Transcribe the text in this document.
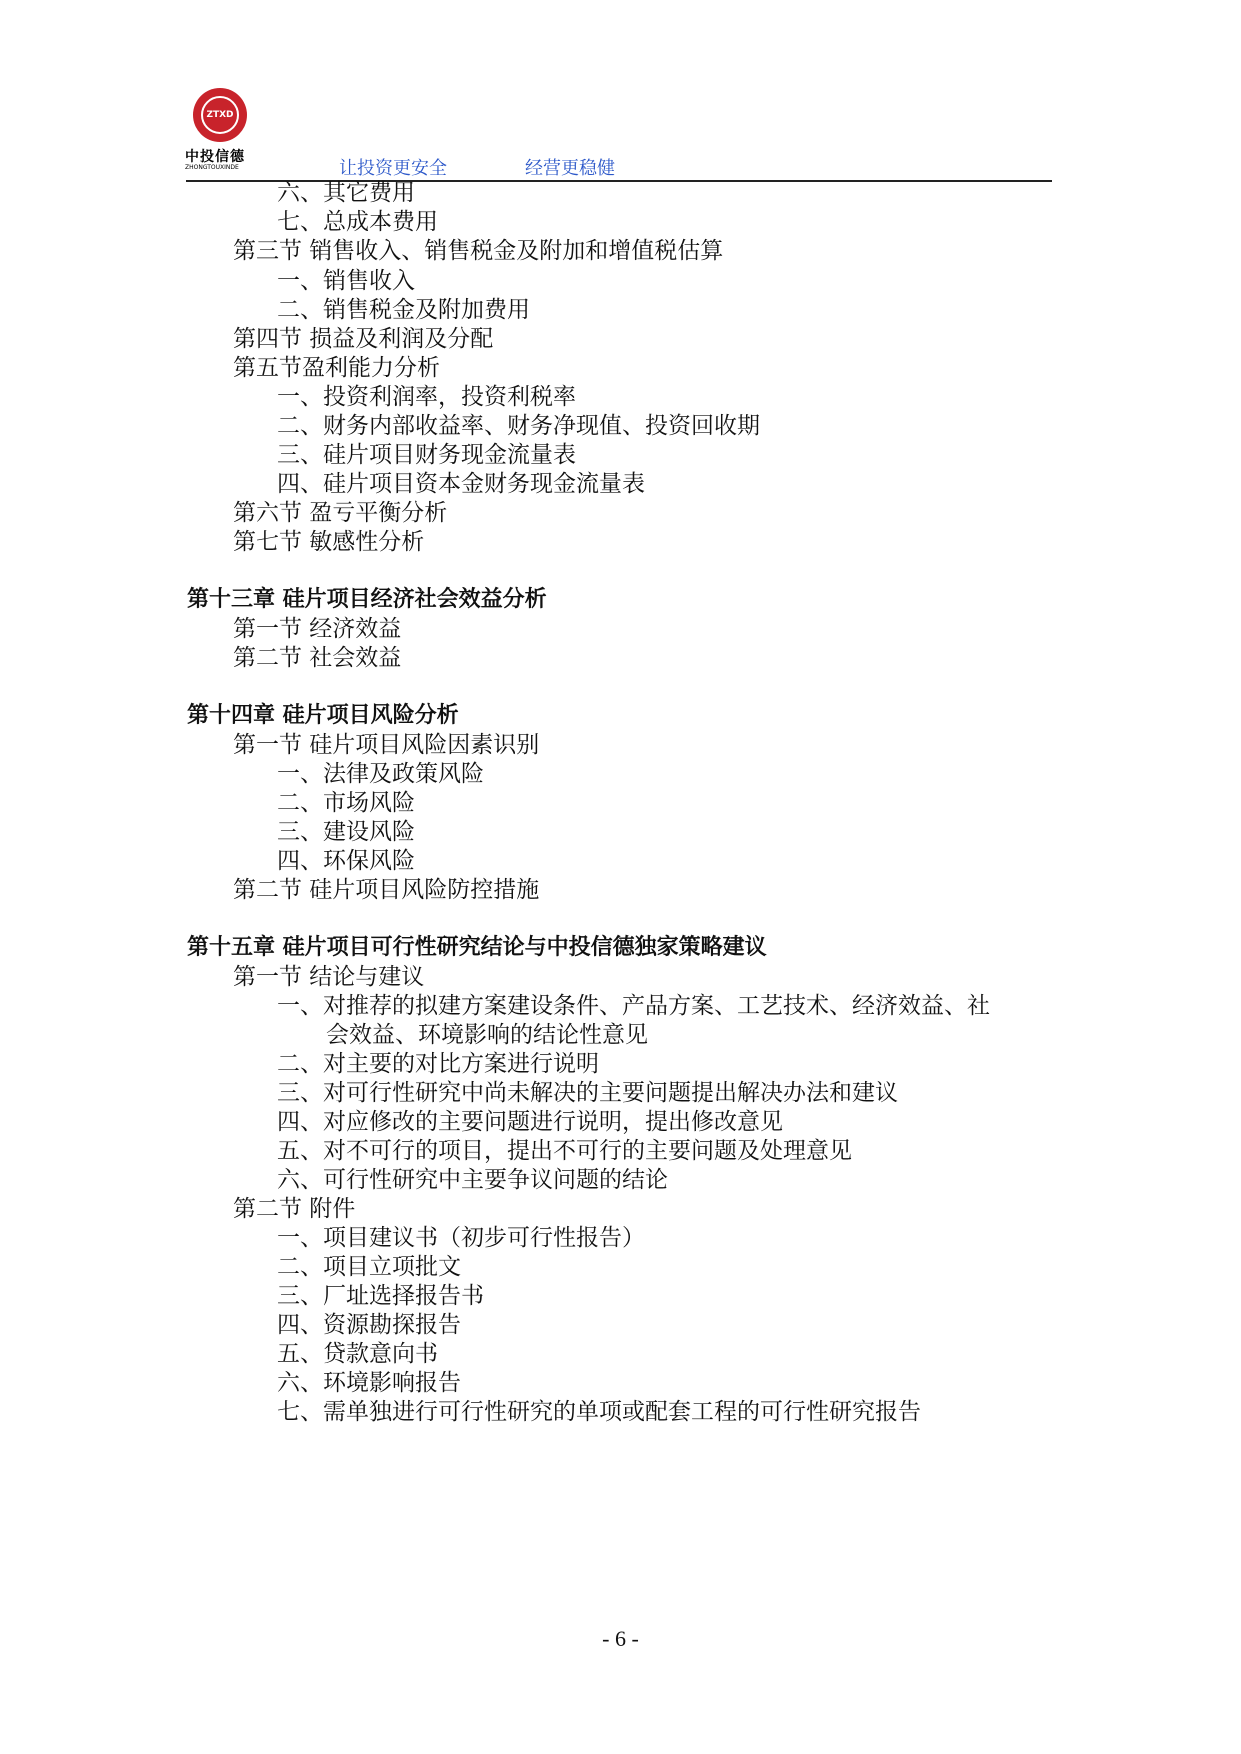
ZTXD
中投信德
ZHONGTOUXINDE	让投资更安全	经营更稳健
六、其它费用
七、总成本费用
第三节 销售收入、销售税金及附加和增值税估算
一、销售收入
二、销售税金及附加费用
第四节 损益及利润及分配
第五节盈利能力分析
一、投资利润率，投资利税率
二、财务内部收益率、财务净现值、投资回收期
三、硅片项目财务现金流量表
四、硅片项目资本金财务现金流量表
第六节 盈亏平衡分析
第七节 敏感性分析
第十三章 硅片项目经济社会效益分析
第一节 经济效益
第二节 社会效益
第十四章 硅片项目风险分析
第一节 硅片项目风险因素识别
一、法律及政策风险
二、市场风险
三、建设风险
四、环保风险
第二节 硅片项目风险防控措施
第十五章 硅片项目可行性研究结论与中投信德独家策略建议
第一节 结论与建议
一、对推荐的拟建方案建设条件、产品方案、工艺技术、经济效益、社
会效益、环境影响的结论性意见
二、对主要的对比方案进行说明
三、对可行性研究中尚未解决的主要问题提出解决办法和建议
四、对应修改的主要问题进行说明，提出修改意见
五、对不可行的项目，提出不可行的主要问题及处理意见
六、可行性研究中主要争议问题的结论
第二节 附件
一、项目建议书（初步可行性报告）
二、项目立项批文
三、厂址选择报告书
四、资源勘探报告
五、贷款意向书
六、环境影响报告
七、需单独进行可行性研究的单项或配套工程的可行性研究报告
- 6 -
